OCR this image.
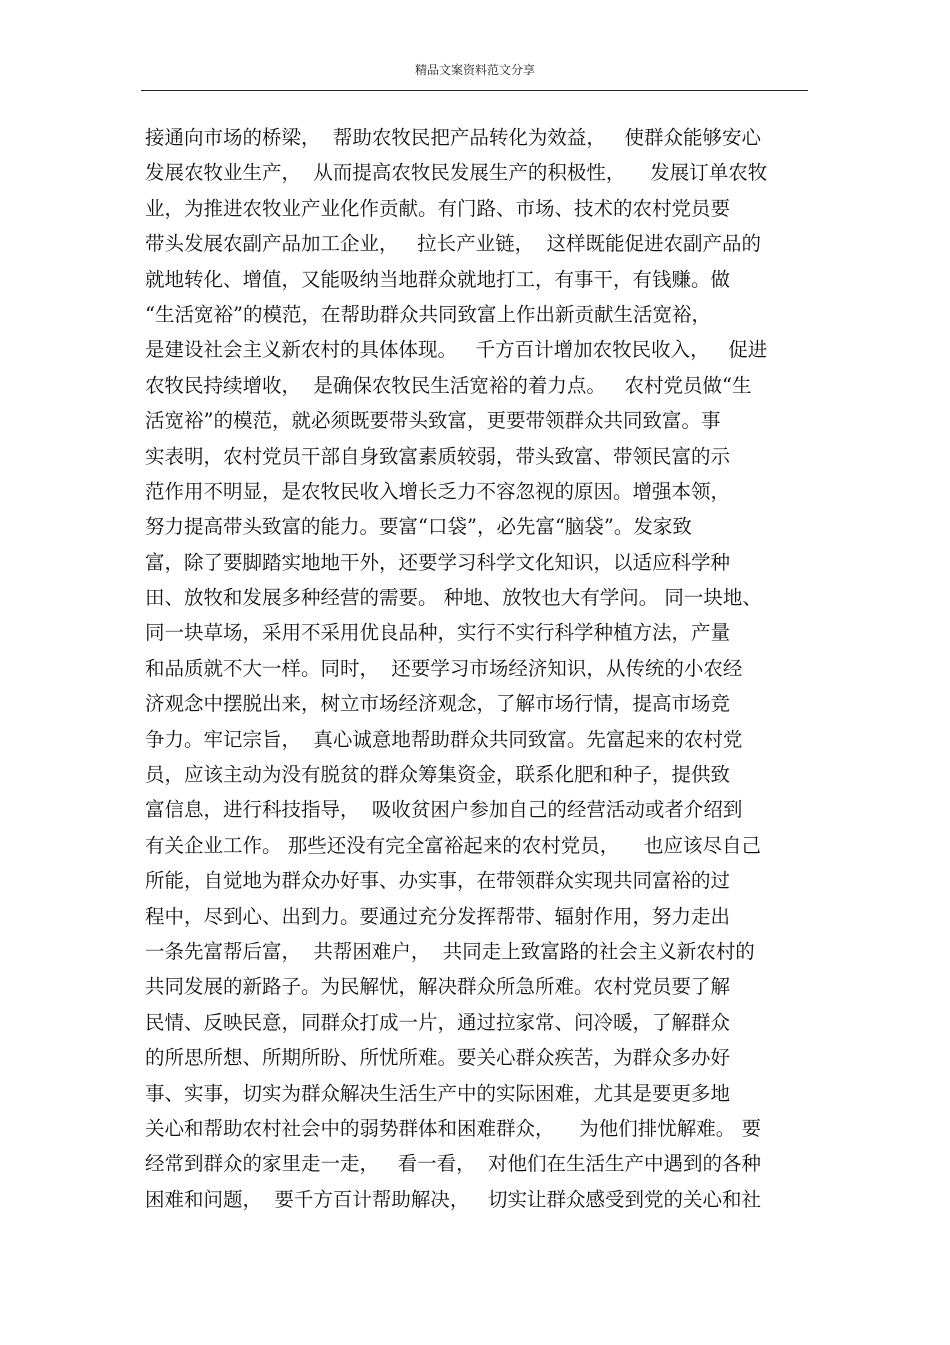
精品文案资料范文分享
接通向市场的桥梁，  帮助农牧民把产品转化为效益，   使群众能够安心
发展农牧业生产，  从而提高农牧民发展生产的积极性，    发展订单农牧
业，为推进农牧业产业化作贡献。有门路、市场、技术的农村党员要
带头发展农副产品加工企业，   拉长产业链，  这样既能促进农副产品的
就地转化、增值，又能吸纳当地群众就地打工，有事干，有钱赚。做
“生活宽裕”的模范，在帮助群众共同致富上作出新贡献生活宽裕，
是建设社会主义新农村的具体体现。   千方百计增加农牧民收入，   促进
农牧民持续增收，  是确保农牧民生活宽裕的着力点。   农村党员做“生
活宽裕”的模范，就必须既要带头致富，更要带领群众共同致富。事
实表明，农村党员干部自身致富素质较弱，带头致富、带领民富的示
范作用不明显，是农牧民收入增长乏力不容忽视的原因。增强本领，
努力提高带头致富的能力。要富“口袋”，必先富“脑袋”。发家致
富，除了要脚踏实地地干外，还要学习科学文化知识，以适应科学种
田、放牧和发展多种经营的需要。 种地、放牧也大有学问。 同一块地、
同一块草场，采用不采用优良品种，实行不实行科学种植方法，产量
和品质就不大一样。同时，  还要学习市场经济知识，从传统的小农经
济观念中摆脱出来，树立市场经济观念，了解市场行情，提高市场竞
争力。牢记宗旨，  真心诚意地帮助群众共同致富。先富起来的农村党
员，应该主动为没有脱贫的群众筹集资金，联系化肥和种子，提供致
富信息，进行科技指导，  吸收贫困户参加自己的经营活动或者介绍到
有关企业工作。 那些还没有完全富裕起来的农村党员，    也应该尽自己
所能，自觉地为群众办好事、办实事，在带领群众实现共同富裕的过
程中，尽到心、出到力。要通过充分发挥帮带、辐射作用，努力走出
一条先富帮后富，  共帮困难户，  共同走上致富路的社会主义新农村的
共同发展的新路子。为民解忧，解决群众所急所难。农村党员要了解
民情、反映民意，同群众打成一片，通过拉家常、问冷暖，了解群众
的所思所想、所期所盼、所忧所难。要关心群众疾苦，为群众多办好
事、实事，切实为群众解决生活生产中的实际困难，尤其是要更多地
关心和帮助农村社会中的弱势群体和困难群众，    为他们排忧解难。 要
经常到群众的家里走一走，   看一看，  对他们在生活生产中遇到的各种
困难和问题，  要千方百计帮助解决，   切实让群众感受到党的关心和社
